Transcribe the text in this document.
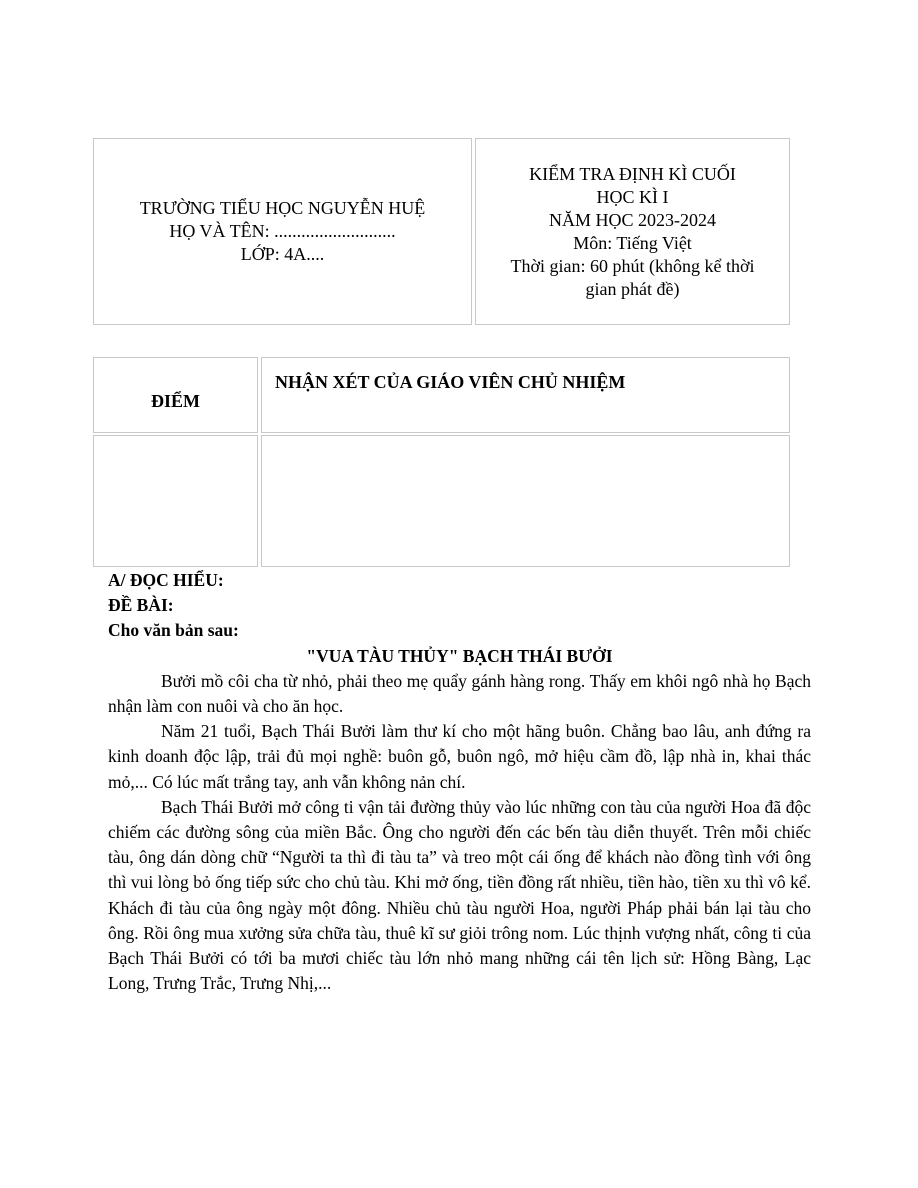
TRƯỜNG TIỂU HỌC NGUYỄN HUỆ
HỌ VÀ TÊN: ...........................
LỚP: 4A....
KIỂM TRA ĐỊNH KÌ CUỐI
HỌC KÌ I
NĂM HỌC 2023-2024
Môn: Tiếng Việt
Thời gian: 60 phút (không kể thời
gian phát đề)
ĐIỂM
NHẬN XÉT CỦA GIÁO VIÊN CHỦ NHIỆM
A/ ĐỌC HIỂU:
ĐỀ BÀI:
Cho văn bản sau:
"VUA TÀU THỦY" BẠCH THÁI BƯỞI
Bưởi mồ côi cha từ nhỏ, phải theo mẹ quẩy gánh hàng rong. Thấy em khôi ngô nhà họ Bạch nhận làm con nuôi và cho ăn học.
Năm 21 tuổi, Bạch Thái Bưởi làm thư kí cho một hãng buôn. Chẳng bao lâu, anh đứng ra kinh doanh độc lập, trải đủ mọi nghề: buôn gỗ, buôn ngô, mở hiệu cầm đồ, lập nhà in, khai thác mỏ,... Có lúc mất trắng tay, anh vẫn không nản chí.
Bạch Thái Bưởi mở công ti vận tải đường thủy vào lúc những con tàu của người Hoa đã độc chiếm các đường sông của miền Bắc. Ông cho người đến các bến tàu diễn thuyết. Trên mỗi chiếc tàu, ông dán dòng chữ “Người ta thì đi tàu ta” và treo một cái ống để khách nào đồng tình với ông thì vui lòng bỏ ống tiếp sức cho chủ tàu. Khi mở ống, tiền đồng rất nhiều, tiền hào, tiền xu thì vô kể. Khách đi tàu của ông ngày một đông. Nhiều chủ tàu người Hoa, người Pháp phải bán lại tàu cho ông. Rồi ông mua xưởng sửa chữa tàu, thuê kĩ sư giỏi trông nom. Lúc thịnh vượng nhất, công ti của Bạch Thái Bưởi có tới ba mươi chiếc tàu lớn nhỏ mang những cái tên lịch sử: Hồng Bàng, Lạc Long, Trưng Trắc, Trưng Nhị,...
